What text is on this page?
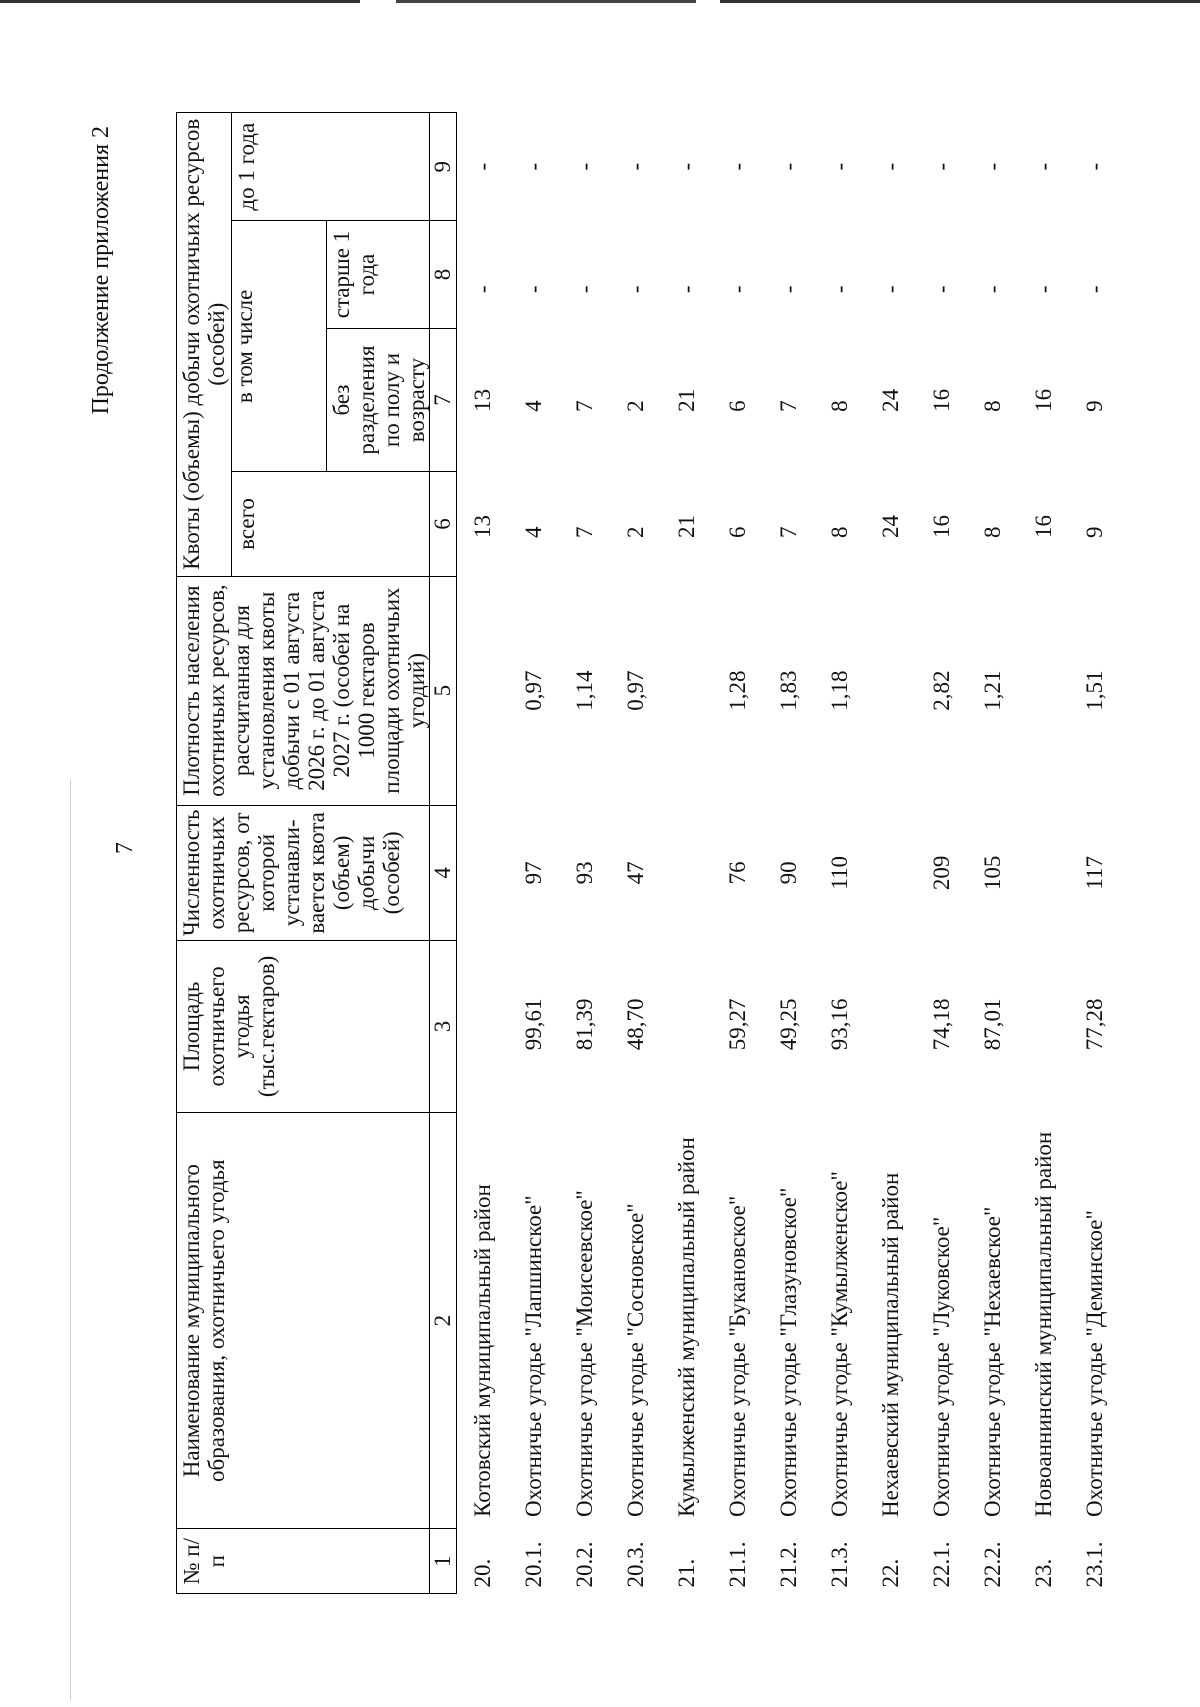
7
Продолжение приложения 2
№ п/п	Наименование муниципального образования, охотничьего угодья	Площадь охотничьего угодья (тыс.гектаров)	Численность охотничьих ресурсов, от которой устанавли- вается квота (объем) добычи (особей)	Плотность населения охотничьих ресурсов, рассчитанная для установления квоты добычи с 01 августа 2026 г. до 01 августа 2027 г. (особей на 1000 гектаров площади охотничьих угодий)	Квоты (объемы) добычи охотничьих ресурсов (особей)			
					всего	в том числе		до 1 года
						без разделения по полу и возрасту	старше 1 года	
1	2	3	4	5	6	7	8	9
20.	Котовский муниципальный район				13	13	-	-
20.1.	Охотничье угодье "Лапшинское"	99,61	97	0,97	4	4	-	-
20.2.	Охотничье угодье "Моисеевское"	81,39	93	1,14	7	7	-	-
20.3.	Охотничье угодье "Сосновское"	48,70	47	0,97	2	2	-	-
21.	Кумылженский муниципальный район				21	21	-	-
21.1.	Охотничье угодье "Букановское"	59,27	76	1,28	6	6	-	-
21.2.	Охотничье угодье "Глазуновское"	49,25	90	1,83	7	7	-	-
21.3.	Охотничье угодье "Кумылженское"	93,16	110	1,18	8	8	-	-
22.	Нехаевский муниципальный район				24	24	-	-
22.1.	Охотничье угодье "Луковское"	74,18	209	2,82	16	16	-	-
22.2.	Охотничье угодье "Нехаевское"	87,01	105	1,21	8	8	-	-
23.	Новоаннинский муниципальный район				16	16	-	-
23.1.	Охотничье угодье "Деминское"	77,28	117	1,51	9	9	-	-
